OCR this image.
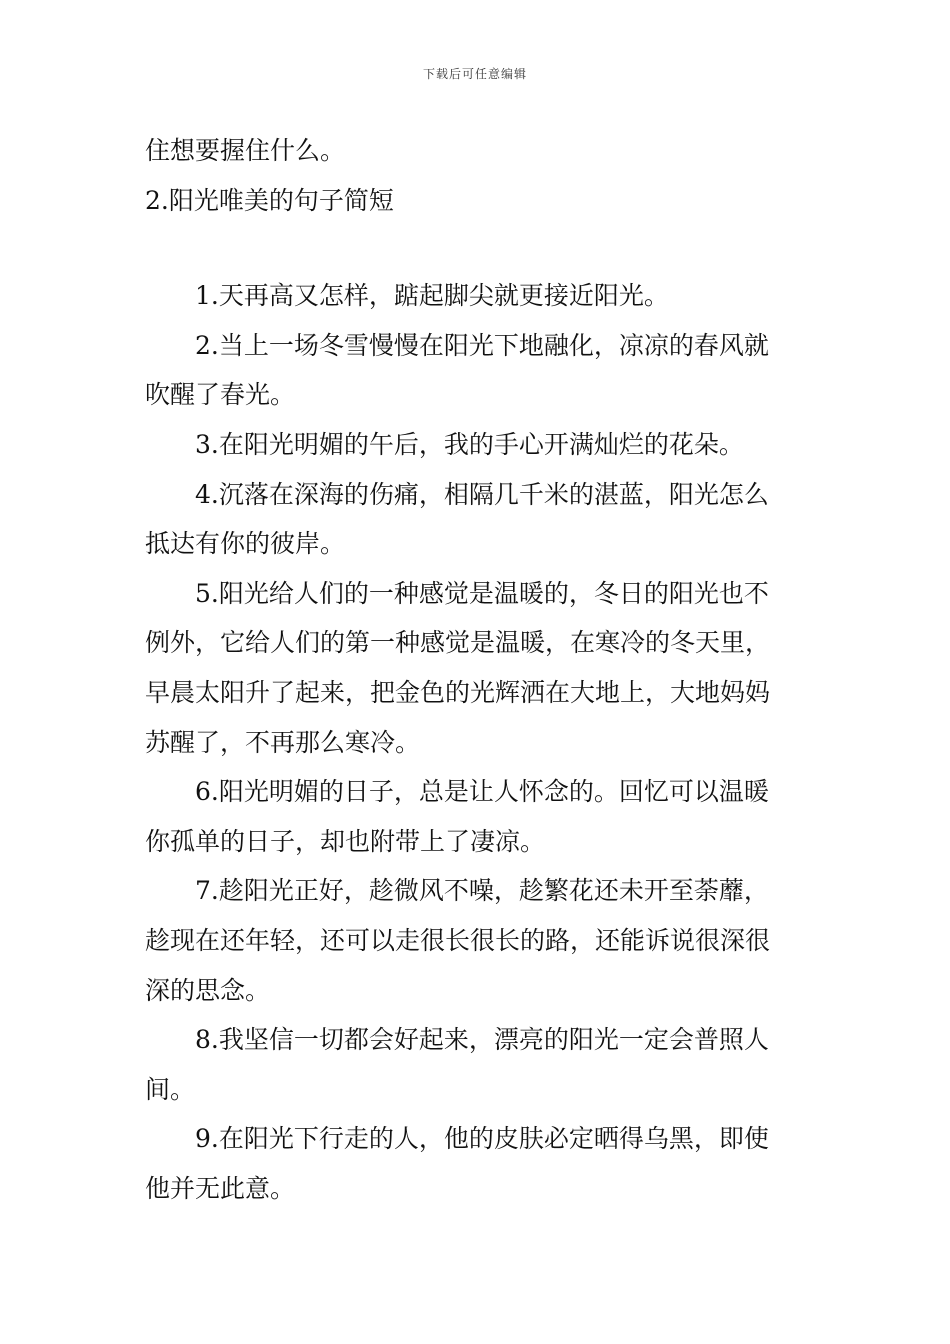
下载后可任意编辑
住想要握住什么。
2.阳光唯美的句子简短
1.天再高又怎样，踮起脚尖就更接近阳光。
2.当上一场冬雪慢慢在阳光下地融化，凉凉的春风就
吹醒了春光。
3.在阳光明媚的午后，我的手心开满灿烂的花朵。
4.沉落在深海的伤痛，相隔几千米的湛蓝，阳光怎么
抵达有你的彼岸。
5.阳光给人们的一种感觉是温暖的，冬日的阳光也不
例外，它给人们的第一种感觉是温暖，在寒冷的冬天里，
早晨太阳升了起来，把金色的光辉洒在大地上，大地妈妈
苏醒了，不再那么寒冷。
6.阳光明媚的日子，总是让人怀念的。回忆可以温暖
你孤单的日子，却也附带上了凄凉。
7.趁阳光正好，趁微风不噪，趁繁花还未开至荼蘼，
趁现在还年轻，还可以走很长很长的路，还能诉说很深很
深的思念。
8.我坚信一切都会好起来，漂亮的阳光一定会普照人
间。
9.在阳光下行走的人，他的皮肤必定晒得乌黑，即使
他并无此意。
